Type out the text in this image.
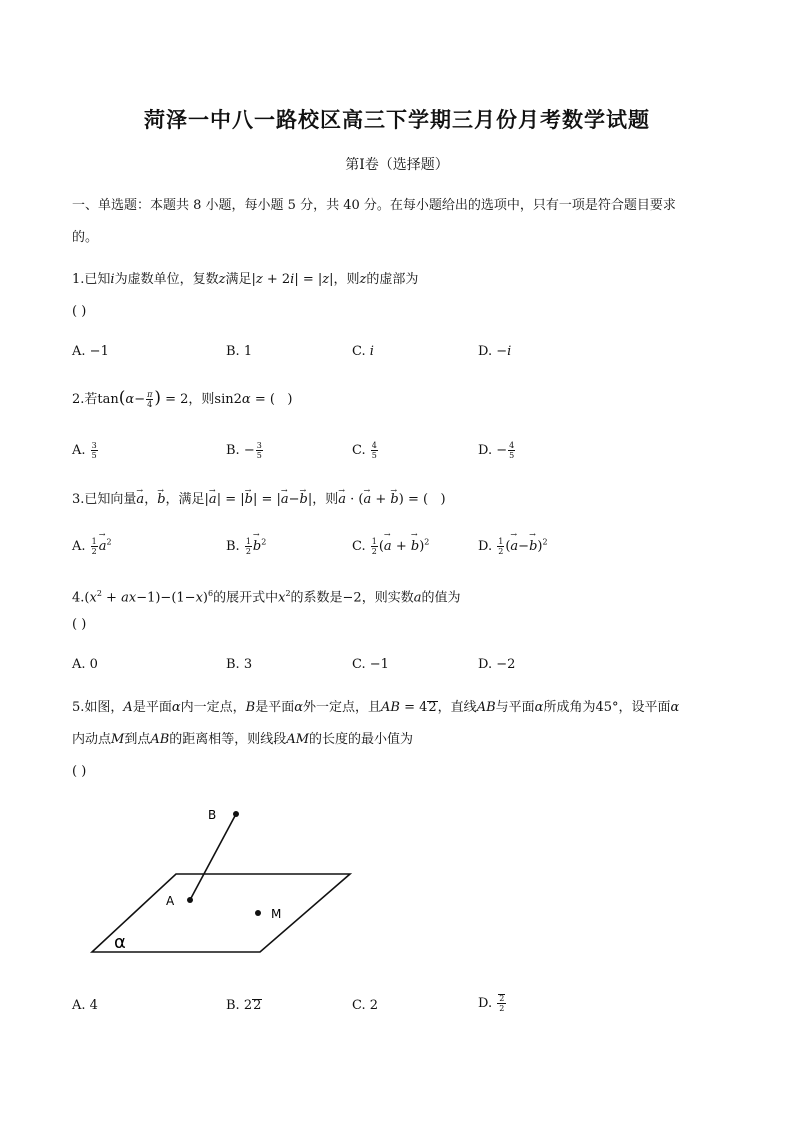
菏泽一中八一路校区高三下学期三月份月考数学试题
第I卷（选择题）
一、单选题：本题共 8 小题，每小题 5 分，共 40 分。在每小题给出的选项中，只有一项是符合题目要求
的。
1.已知i为虚数单位，复数z满足|z + 2i| = |z|，则z的虚部为
( )
A. −1	B. 1	C. i	D. −i
2.若$\tan(\alpha- \frac{\pi}{4}$ ) = 2，则sin2α = (   )
A. $\frac{3}{5}$	B. − $\frac{3}{5}$	C. $\frac{4}{5}$	D. − $\frac{4}{5}$
3.已知向量→ a，→ b，满足|→ a| = |→ b| = |→ a−→ b|，则→ a · (→ a + → b) = (   )
A. $\frac{1}{2}$
→ $a^2$	B. $\frac{1}{2}$
→ $b^2$	C. $\frac{1}{2}$ (→ a + → b)$^2$	D. $\frac{1}{2}$ (→ a−→ b)$^2$
$4.(x^2 + ax-1)-(1-x)^6$的展开式中$x^2$的系数是−2，则实数a的值为
( )
A. 0	B. 3	C. −1	D. −2
5.如图，A是平面α内一定点，B是平面α外一定点，且AB = 42，直线AB与平面α所成角为45°，设平面α
内动点M到点AB的距离相等，则线段AM的长度的最小值为
( )
B
A
M
α
A. 4	B. 22	C. 2	D. $\frac{2}{2}$
